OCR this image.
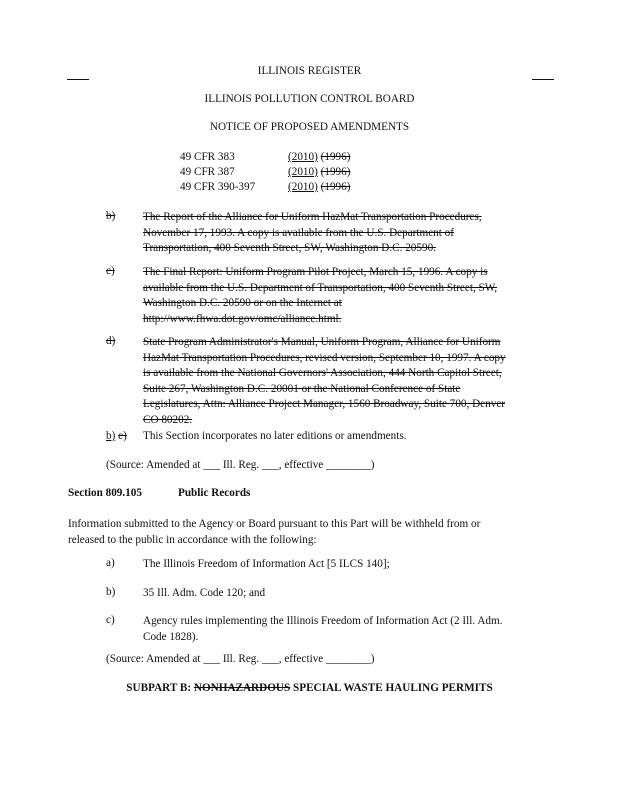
ILLINOIS REGISTER
ILLINOIS POLLUTION CONTROL BOARD
NOTICE OF PROPOSED AMENDMENTS
49 CFR 383	(2010) (1996)
49 CFR 387	(2010) (1996)
49 CFR 390-397	(2010) (1996)
b) The Report of the Alliance for Uniform HazMat Transportation Procedures,
November 17, 1993. A copy is available from the U.S. Department of
Transportation, 400 Seventh Street, SW, Washington D.C. 20590.
c)	The Final Report: Uniform Program Pilot Project, March 15, 1996. A copy is
available from the U.S. Department of Transportation, 400 Seventh Street, SW,
Washington D.C. 20590 or on the Internet at
http://www.fhwa.dot.gov/omc/alliance.html.
d) State Program Administrator's Manual, Uniform Program, Alliance for Uniform
HazMat Transportation Procedures, revised version, September 10, 1997. A copy
is available from the National Governors' Association, 444 North Capitol Street,
Suite 267, Washington D.C. 20001 or the National Conference of State
Legislatures, Attn: Alliance Project Manager, 1560 Broadway, Suite 700, Denver
CO 80202.
b) e) This Section incorporates no later editions or amendments.
(Source: Amended at ___ Ill. Reg. ___, effective ________)
Section 809.105	Public Records
Information submitted to the Agency or Board pursuant to this Part will be withheld from or
released to the public in accordance with the following:
a)	The Illinois Freedom of Information Act [5 ILCS 140];
b) 35 Ill. Adm. Code 120; and
c)	Agency rules implementing the Illinois Freedom of Information Act (2 Ill. Adm.
Code 1828).
(Source: Amended at ___ Ill. Reg. ___, effective ________)
SUBPART B: NONHAZARDOUS SPECIAL WASTE HAULING PERMITS
